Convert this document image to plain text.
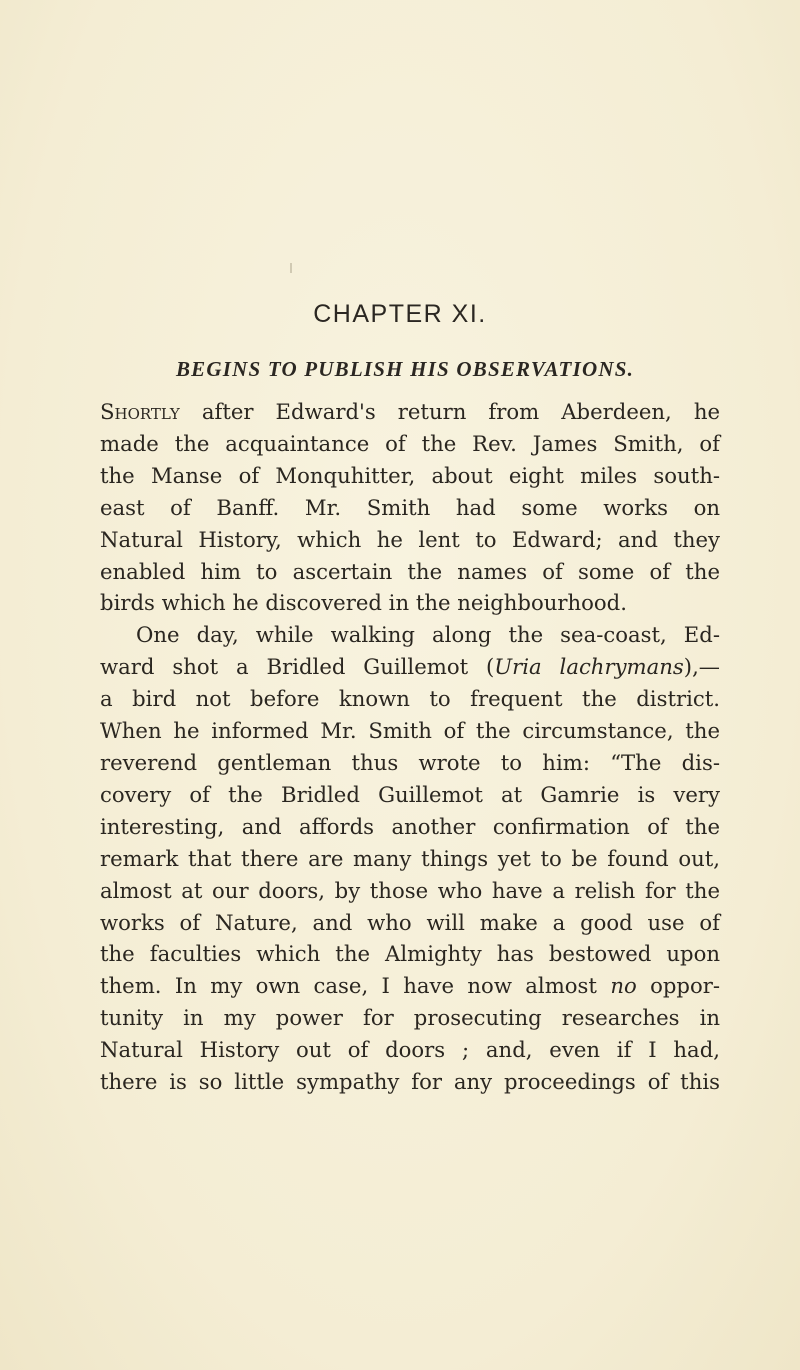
CHAPTER XI.
BEGINS TO PUBLISH HIS OBSERVATIONS.
Shortly after Edward's return from Aberdeen, he
made the acquaintance of the Rev. James Smith, of
the Manse of Monquhitter, about eight miles south-
east of Banff. Mr. Smith had some works on
Natural History, which he lent to Edward; and they
enabled him to ascertain the names of some of the
birds which he discovered in the neighbourhood.
One day, while walking along the sea-coast, Ed-
ward shot a Bridled Guillemot (Uria lachrymans),—
a bird not before known to frequent the district.
When he informed Mr. Smith of the circumstance, the
reverend gentleman thus wrote to him: “The dis-
covery of the Bridled Guillemot at Gamrie is very
interesting, and affords another confirmation of the
remark that there are many things yet to be found out,
almost at our doors, by those who have a relish for the
works of Nature, and who will make a good use of
the faculties which the Almighty has bestowed upon
them. In my own case, I have now almost no oppor-
tunity in my power for prosecuting researches in
Natural History out of doors ; and, even if I had,
there is so little sympathy for any proceedings of this
